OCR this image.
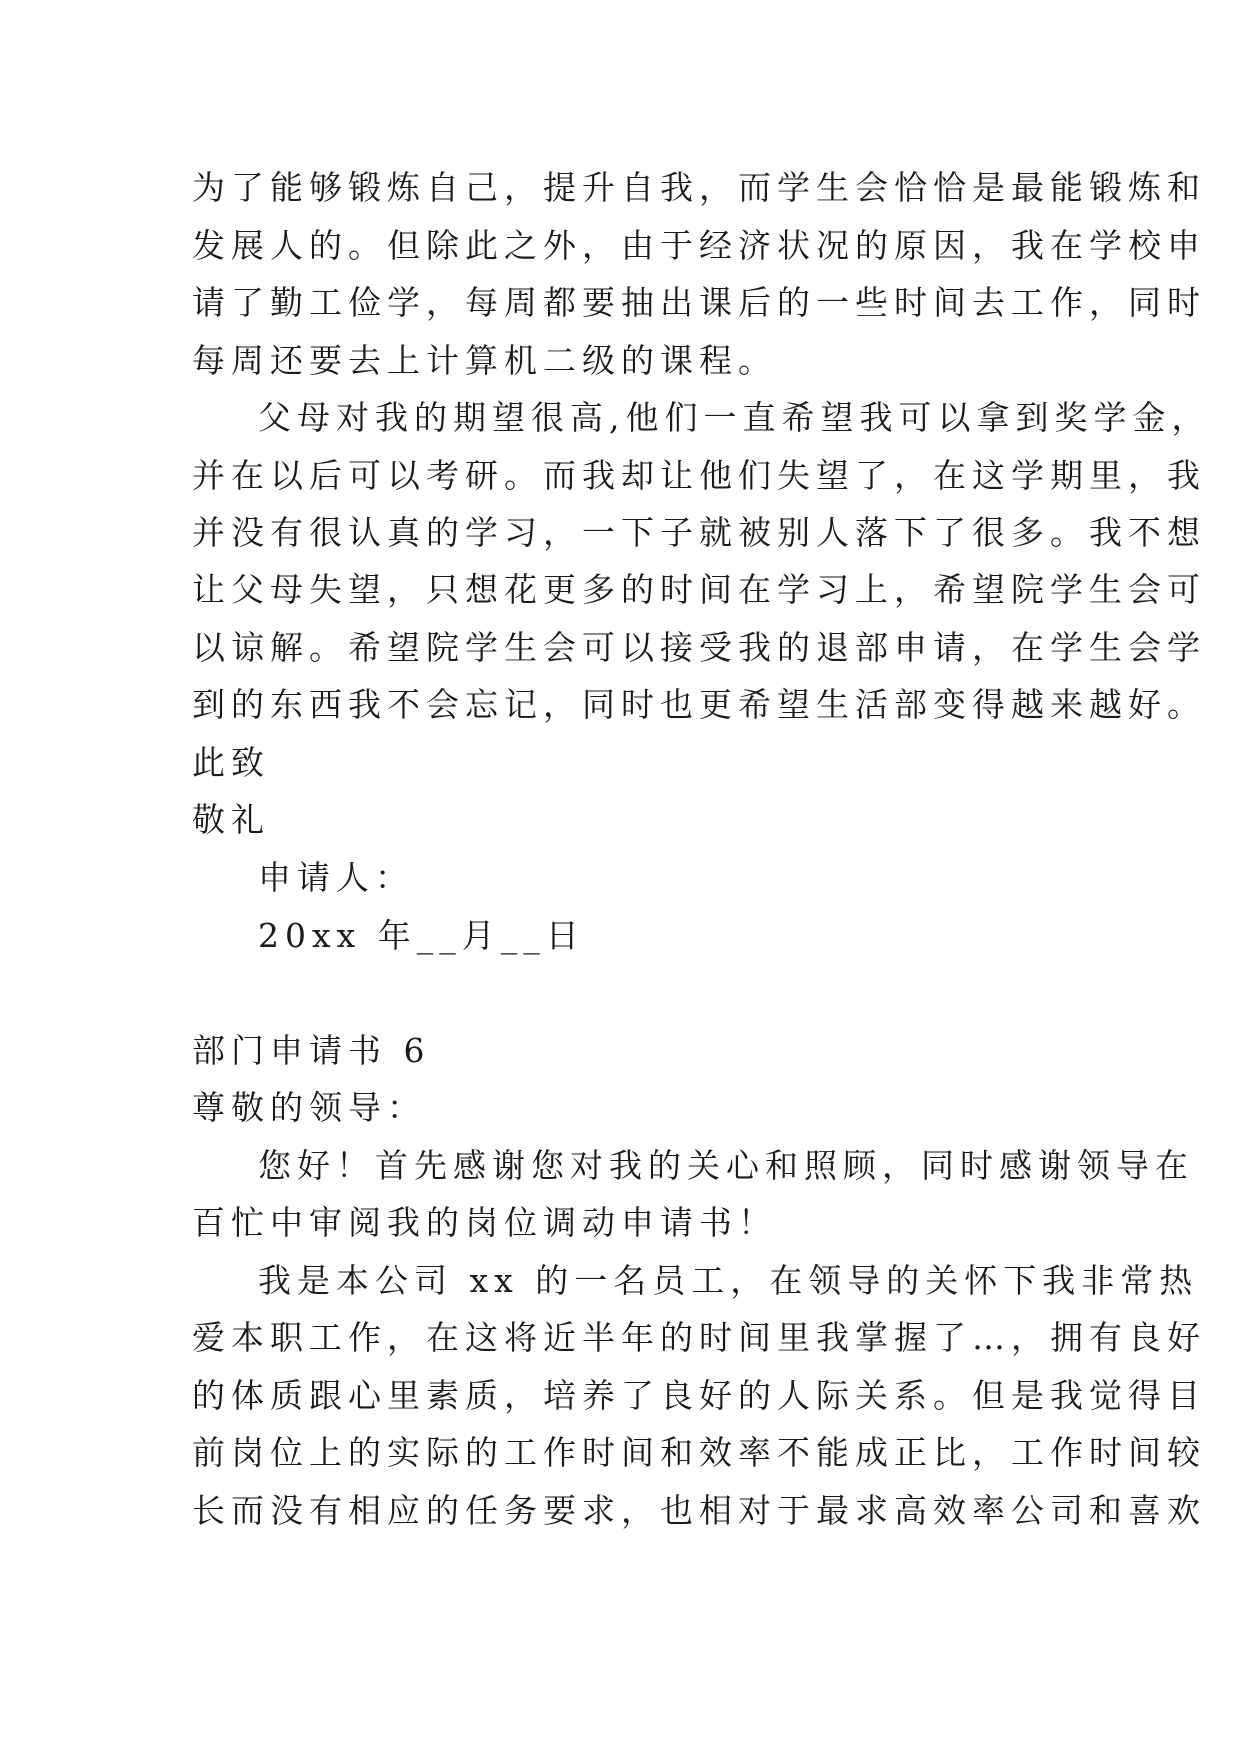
为了能够锻炼自己，提升自我，而学生会恰恰是最能锻炼和

发展人的。但除此之外，由于经济状况的原因，我在学校申

请了勤工俭学，每周都要抽出课后的一些时间去工作，同时

每周还要去上计算机二级的课程。

父母对我的期望很高,他们一直希望我可以拿到奖学金，

并在以后可以考研。而我却让他们失望了，在这学期里，我

并没有很认真的学习，一下子就被别人落下了很多。我不想

让父母失望，只想花更多的时间在学习上，希望院学生会可

以谅解。希望院学生会可以接受我的退部申请，在学生会学

到的东西我不会忘记，同时也更希望生活部变得越来越好。

此致

敬礼

申请人：

20xx 年__月__日

部门申请书 6

尊敬的领导：

您好！首先感谢您对我的关心和照顾，同时感谢领导在

百忙中审阅我的岗位调动申请书！

我是本公司 xx 的一名员工，在领导的关怀下我非常热

爱本职工作，在这将近半年的时间里我掌握了…，拥有良好

的体质跟心里素质，培养了良好的人际关系。但是我觉得目

前岗位上的实际的工作时间和效率不能成正比，工作时间较

长而没有相应的任务要求，也相对于最求高效率公司和喜欢
